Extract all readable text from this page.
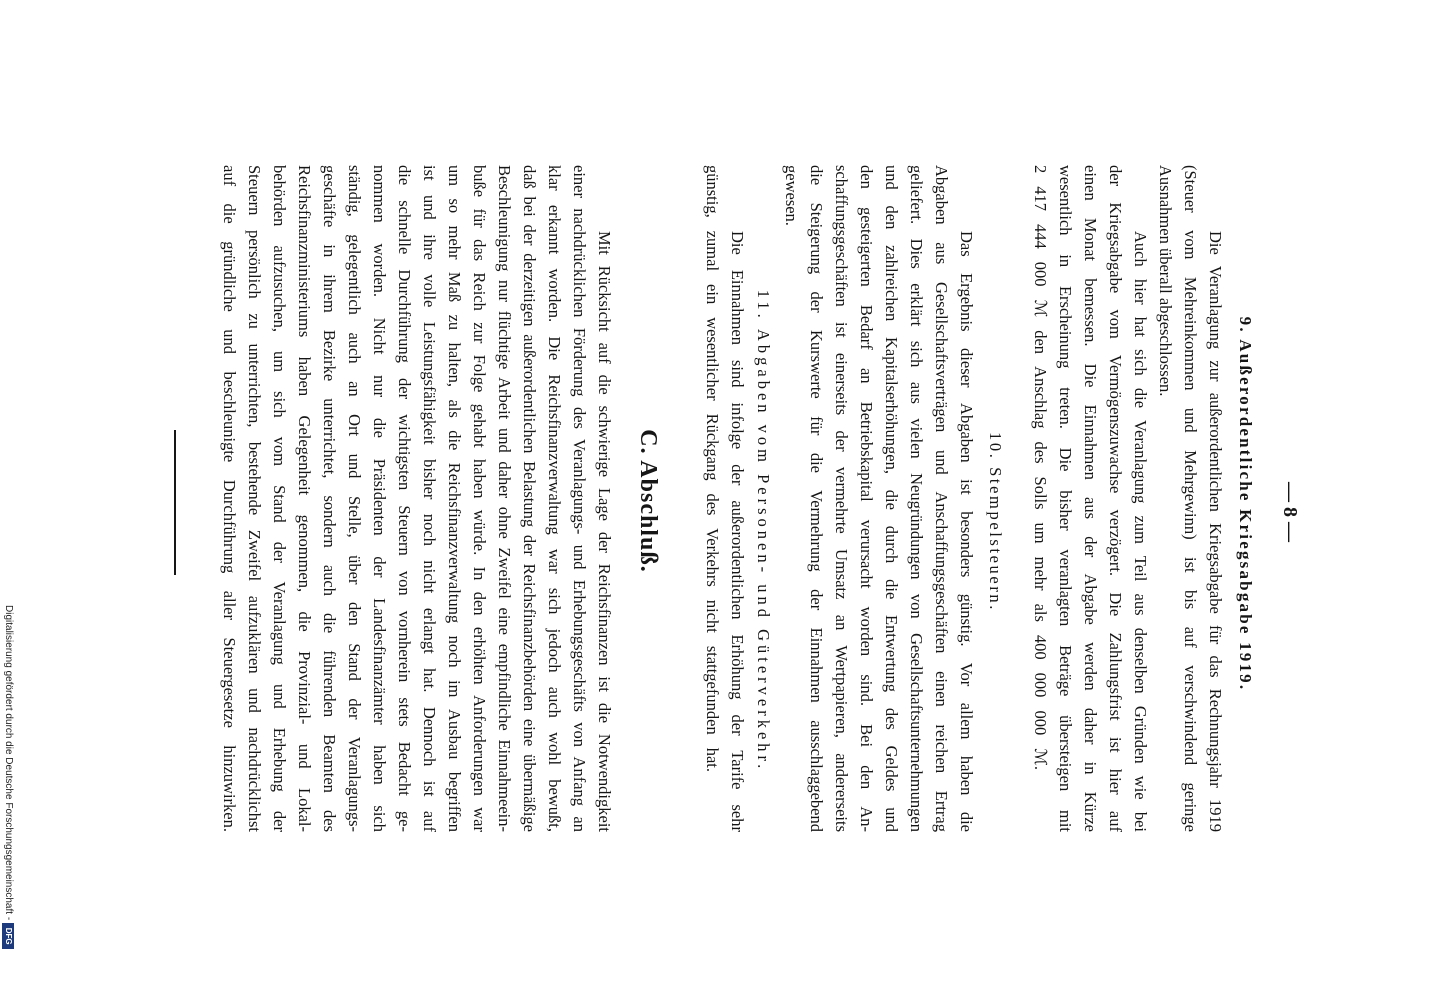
— 8 —
9. Außerordentliche Kriegsabgabe 1919.
Die Veranlagung zur außerordentlichen Kriegsabgabe für das Rechnungsjahr 1919
(Steuer vom Mehreinkommen und Mehrgewinn) ist bis auf verschwindend geringe
Ausnahmen überall abgeschlossen.
Auch hier hat sich die Veranlagung zum Teil aus denselben Gründen wie bei
der Kriegsabgabe vom Vermögenszuwachse verzögert. Die Zahlungsfrist ist hier auf
einen Monat bemessen. Die Einnahmen aus der Abgabe werden daher in Kürze
wesentlich in Erscheinung treten. Die bisher veranlagten Beträge übersteigen mit
2 417 444 000 ℳ den Anschlag des Solls um mehr als 400 000 000 ℳ.
10. Stempelsteuern.
Das Ergebnis dieser Abgaben ist besonders günstig. Vor allem haben die
Abgaben aus Gesellschaftsverträgen und Anschaffungsgeschäften einen reichen Ertrag
geliefert. Dies erklärt sich aus vielen Neugründungen von Gesellschaftsunternehmungen
und den zahlreichen Kapitalserhöhungen, die durch die Entwertung des Geldes und
den gesteigerten Bedarf an Betriebskapital verursacht worden sind. Bei den An-
schaffungsgeschäften ist einerseits der vermehrte Umsatz an Wertpapieren, andererseits
die Steigerung der Kurswerte für die Vermehrung der Einnahmen ausschlaggebend
gewesen.
11. Abgaben vom Personen- und Güterverkehr.
Die Einnahmen sind infolge der außerordentlichen Erhöhung der Tarife sehr
günstig, zumal ein wesentlicher Rückgang des Verkehrs nicht stattgefunden hat.
C. Abschluß.
Mit Rücksicht auf die schwierige Lage der Reichsfinanzen ist die Notwendigkeit
einer nachdrücklichen Förderung des Veranlagungs- und Erhebungsgeschäfts von Anfang an
klar erkannt worden. Die Reichsfinanzverwaltung war sich jedoch auch wohl bewußt,
daß bei der derzeitigen außerordentlichen Belastung der Reichsfinanzbehörden eine übermäßige
Beschleunigung nur flüchtige Arbeit und daher ohne Zweifel eine empfindliche Einnahmeein-
buße für das Reich zur Folge gehabt haben würde. In den erhöhten Anforderungen war
um so mehr Maß zu halten, als die Reichsfinanzverwaltung noch im Ausbau begriffen
ist und ihre volle Leistungsfähigkeit bisher noch nicht erlangt hat. Dennoch ist auf
die schnelle Durchführung der wichtigsten Steuern von vornherein stets Bedacht ge-
nommen worden. Nicht nur die Präsidenten der Landesfinanzämter haben sich
ständig, gelegentlich auch an Ort und Stelle, über den Stand der Veranlagungs-
geschäfte in ihrem Bezirke unterrichtet, sondern auch die führenden Beamten des
Reichsfinanzministeriums haben Gelegenheit genommen, die Provinzial- und Lokal-
behörden aufzusuchen, um sich vom Stand der Veranlagung und Erhebung der
Steuern persönlich zu unterrichten, bestehende Zweifel aufzuklären und nachdrücklichst
auf die gründliche und beschleunigte Durchführung aller Steuergesetze hinzuwirken.
Digitalisierung gefördert durch die Deutsche Forschungsgemeinschaft -DFG
